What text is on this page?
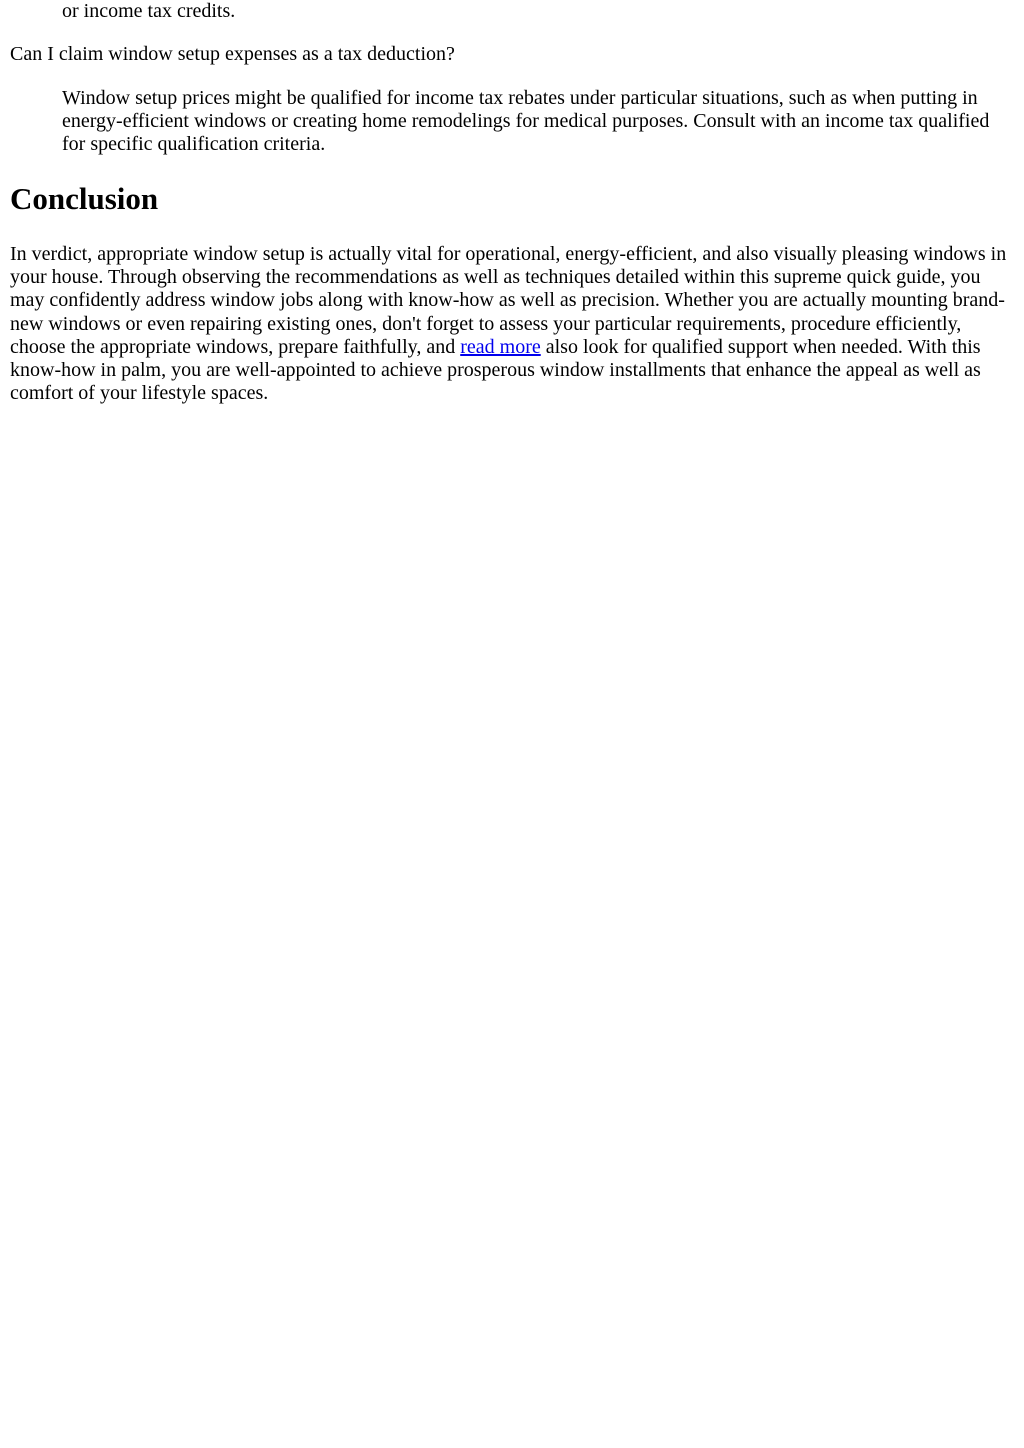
or income tax credits.

Can I claim window setup expenses as a tax deduction?

Window setup prices might be qualified for income tax rebates under particular situations, such as when putting in energy-efficient windows or creating home remodelings for medical purposes. Consult with an income tax qualified for specific qualification criteria.

Conclusion

In verdict, appropriate window setup is actually vital for operational, energy-efficient, and also visually pleasing windows in your house. Through observing the recommendations as well as techniques detailed within this supreme quick guide, you may confidently address window jobs along with know-how as well as precision. Whether you are actually mounting brand-new windows or even repairing existing ones, don't forget to assess your particular requirements, procedure efficiently, choose the appropriate windows, prepare faithfully, and read more also look for qualified support when needed. With this know-how in palm, you are well-appointed to achieve prosperous window installments that enhance the appeal as well as comfort of your lifestyle spaces.
